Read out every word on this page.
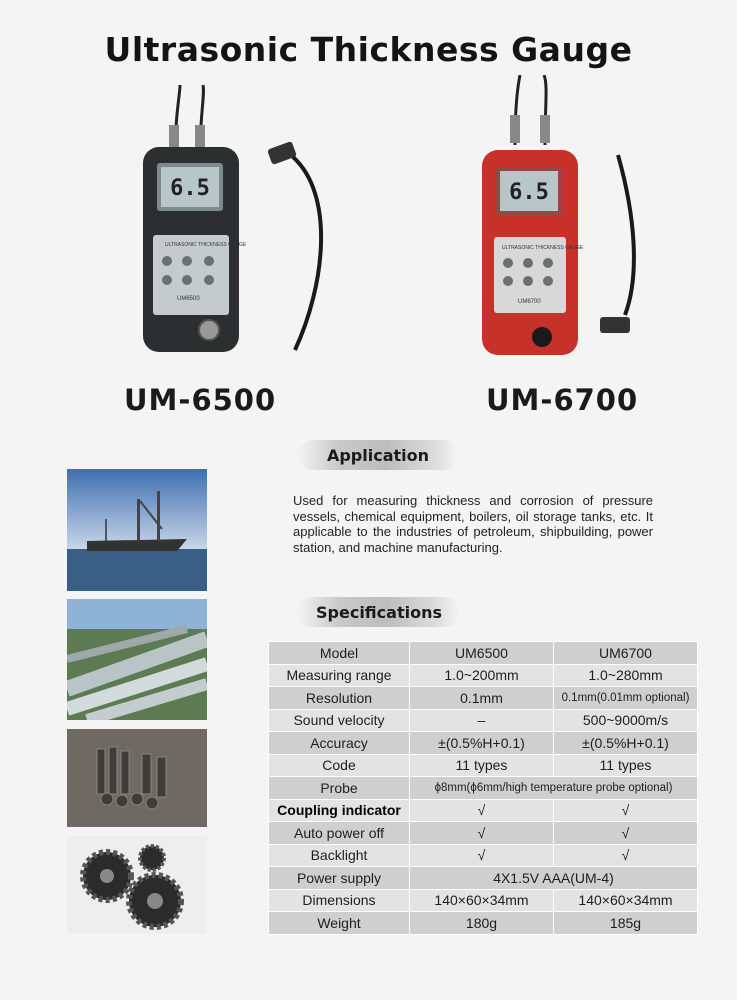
Ultrasonic Thickness Gauge
6.5
ULTRASONIC THICKNESS GAUGE
UM6500
6.5
ULTRASONIC THICKNESS GAUGE
UM6700
UM-6500	UM-6700
Application
Used for measuring thickness and corrosion of pressure vessels, chemical equipment, boilers, oil storage tanks, etc. It applicable to the industries of petroleum, shipbuilding, power station, and machine manufacturing.
Specifications
Model	UM6500	UM6700
Measuring range	1.0~200mm	1.0~280mm
Resolution	0.1mm	0.1mm(0.01mm optional)
Sound velocity	–	500~9000m/s
Accuracy	±(0.5%H+0.1)	±(0.5%H+0.1)
Code	11 types	11 types
Probe	ϕ8mm(ϕ6mm/high temperature probe optional)	
Coupling indicator	√	√
Auto power off	√	√
Backlight	√	√
Power supply	4X1.5V AAA(UM-4)	
Dimensions	140×60×34mm	140×60×34mm
Weight	180g	185g
